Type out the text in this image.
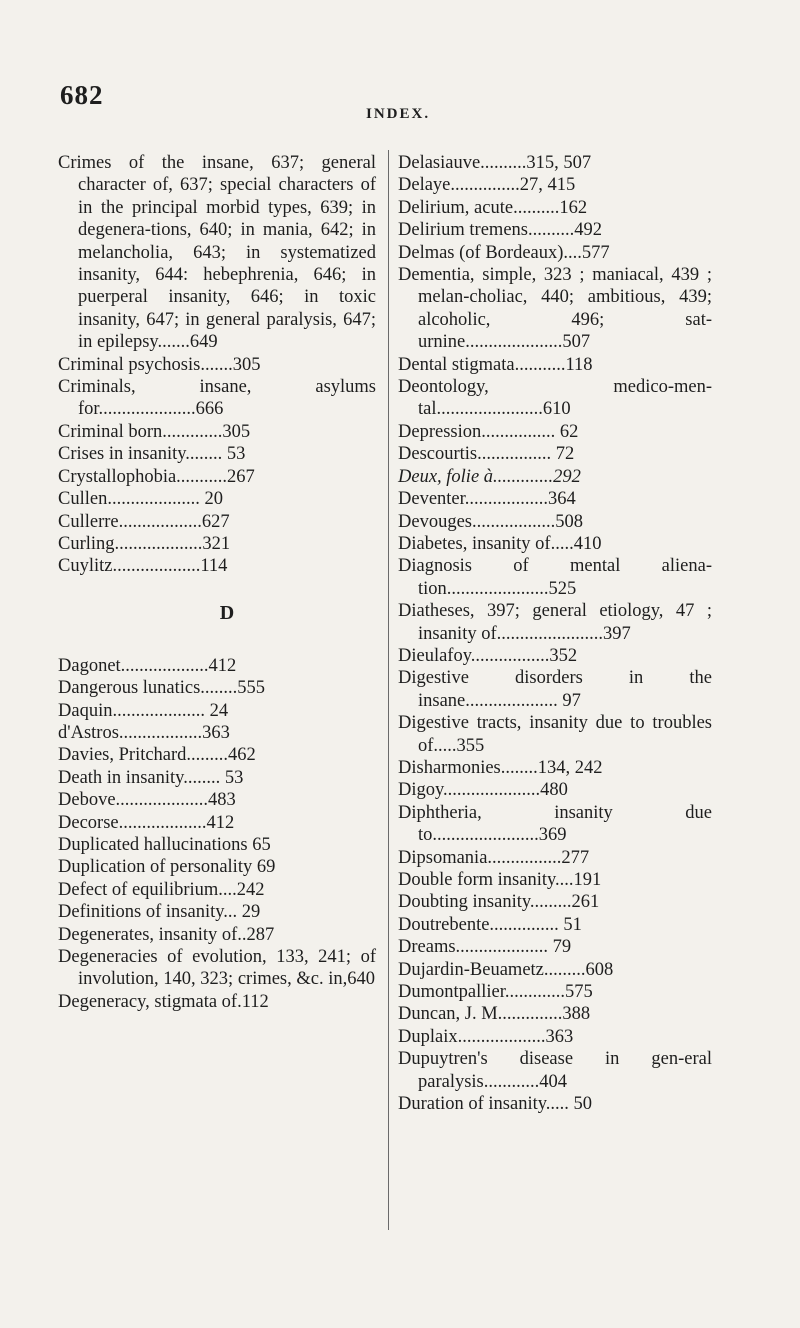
682
INDEX.
Crimes of the insane, 637; general character of, 637; special characters of in the principal morbid types, 639; in degenera-tions, 640; in mania, 642; in melancholia, 643; in systematized insanity, 644: hebephrenia, 646; in puerperal insanity, 646; in toxic insanity, 647; in general paralysis, 647; in epilepsy.......649
Criminal psychosis.......305
Criminals, insane, asylums for.....................666
Criminal born.............305
Crises in insanity........ 53
Crystallophobia...........267
Cullen.................... 20
Cullerre..................627
Curling...................321
Cuylitz...................114
D
Dagonet...................412
Dangerous lunatics........555
Daquin.................... 24
d'Astros..................363
Davies, Pritchard.........462
Death in insanity........ 53
Debove....................483
Decorse...................412
Duplicated hallucinations 65
Duplication of personality 69
Defect of equilibrium....242
Definitions of insanity... 29
Degenerates, insanity of..287
Degeneracies of evolution, 133, 241; of involution, 140, 323; crimes, &c. in,640
Degeneracy, stigmata of.112
Delasiauve..........315, 507
Delaye...............27, 415
Delirium, acute..........162
Delirium tremens..........492
Delmas (of Bordeaux)....577
Dementia, simple, 323 ; maniacal, 439 ; melan-choliac, 440; ambitious, 439; alcoholic, 496; sat-urnine.....................507
Dental stigmata...........118
Deontology, medico-men-tal.......................610
Depression................ 62
Descourtis................ 72
Deux, folie à.............292
Deventer..................364
Devouges..................508
Diabetes, insanity of.....410
Diagnosis of mental aliena-tion......................525
Diatheses, 397; general etiology, 47 ; insanity of.......................397
Dieulafoy.................352
Digestive disorders in the insane.................... 97
Digestive tracts, insanity due to troubles of.....355
Disharmonies........134, 242
Digoy.....................480
Diphtheria, insanity due to.......................369
Dipsomania................277
Double form insanity....191
Doubting insanity.........261
Doutrebente............... 51
Dreams.................... 79
Dujardin-Beuametz.........608
Dumontpallier.............575
Duncan, J. M..............388
Duplaix...................363
Dupuytren's disease in gen-eral paralysis............404
Duration of insanity..... 50
